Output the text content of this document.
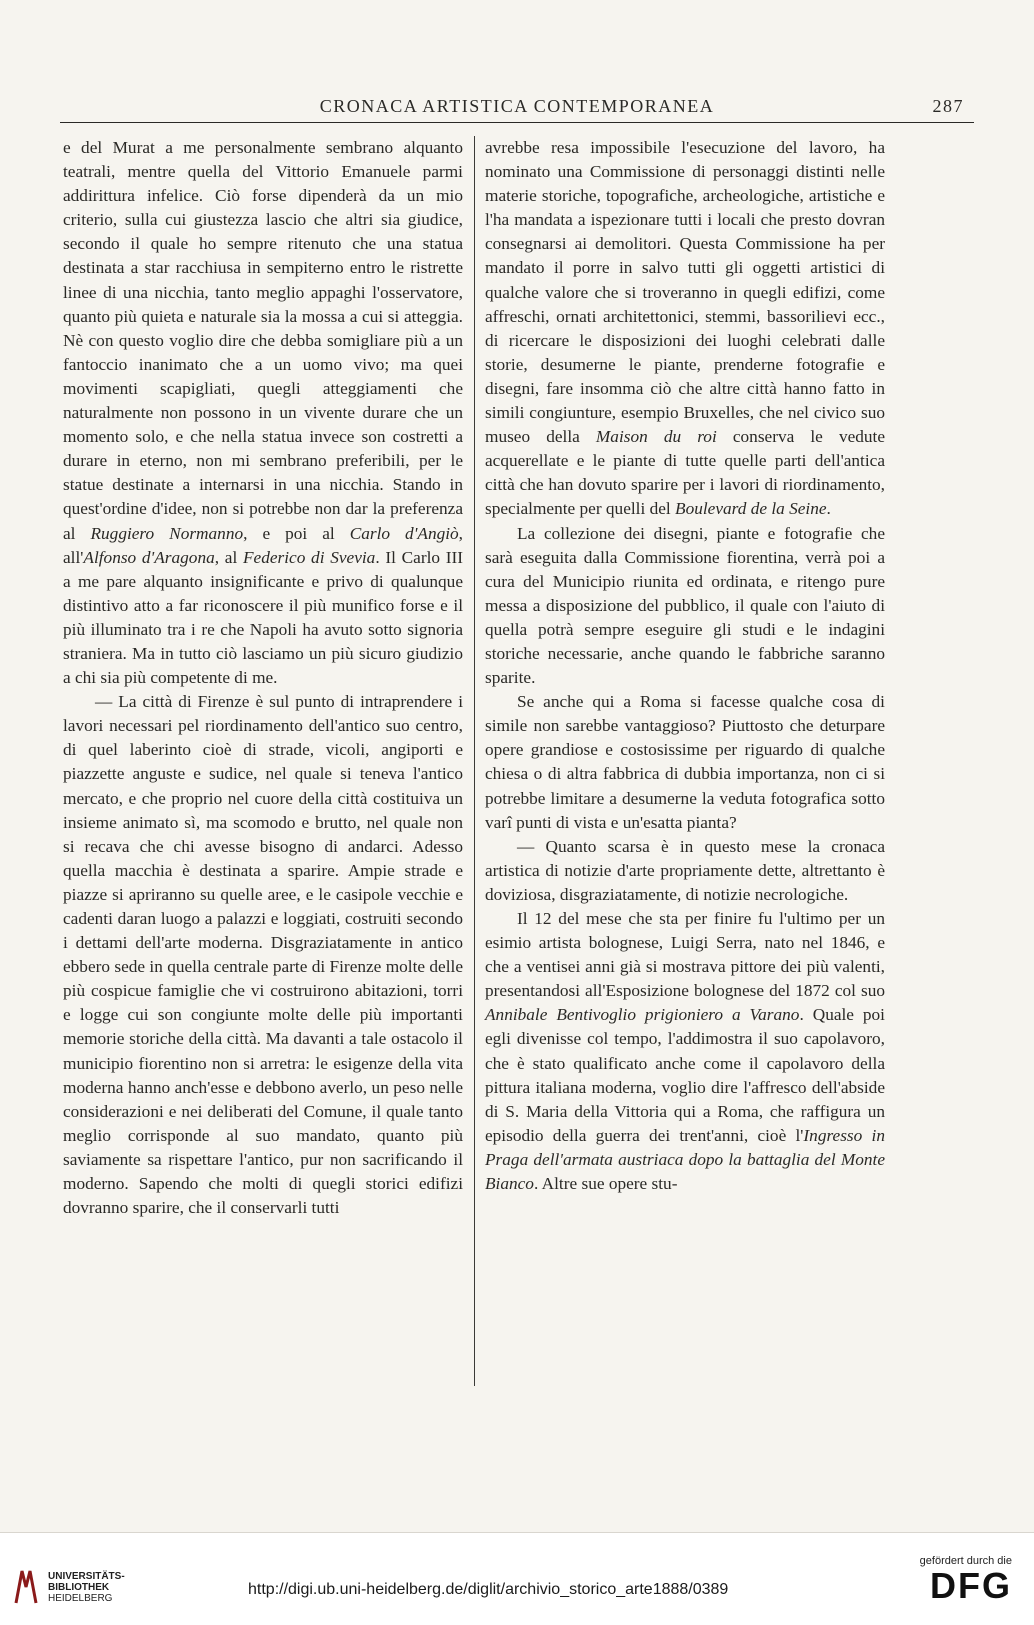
CRONACA ARTISTICA CONTEMPORANEA	287

e del Murat a me personalmente sembrano alquanto teatrali, mentre quella del Vittorio Emanuele parmi addirittura infelice. Ciò forse dipenderà da un mio criterio, sulla cui giustezza lascio che altri sia giudice, secondo il quale ho sempre ritenuto che una statua destinata a star racchiusa in sempiterno entro le ristrette linee di una nicchia, tanto meglio appaghi l'osservatore, quanto più quieta e naturale sia la mossa a cui si atteggia. Nè con questo voglio dire che debba somigliare più a un fantoccio inanimato che a un uomo vivo; ma quei movimenti scapigliati, quegli atteggiamenti che naturalmente non possono in un vivente durare che un momento solo, e che nella statua invece son costretti a durare in eterno, non mi sembrano preferibili, per le statue destinate a internarsi in una nicchia. Stando in quest'ordine d'idee, non si potrebbe non dar la preferenza al Ruggiero Normanno, e poi al Carlo d'Angiò, all'Alfonso d'Aragona, al Federico di Svevia. Il Carlo III a me pare alquanto insignificante e privo di qualunque distintivo atto a far riconoscere il più munifico forse e il più illuminato tra i re che Napoli ha avuto sotto signoria straniera. Ma in tutto ciò lasciamo un più sicuro giudizio a chi sia più competente di me.

— La città di Firenze è sul punto di intraprendere i lavori necessari pel riordinamento dell'antico suo centro, di quel laberinto cioè di strade, vicoli, angiporti e piazzette anguste e sudice, nel quale si teneva l'antico mercato, e che proprio nel cuore della città costituiva un insieme animato sì, ma scomodo e brutto, nel quale non si recava che chi avesse bisogno di andarci. Adesso quella macchia è destinata a sparire. Ampie strade e piazze si apriranno su quelle aree, e le casipole vecchie e cadenti daran luogo a palazzi e loggiati, costruiti secondo i dettami dell'arte moderna. Disgraziatamente in antico ebbero sede in quella centrale parte di Firenze molte delle più cospicue famiglie che vi costruirono abitazioni, torri e logge cui son congiunte molte delle più importanti memorie storiche della città. Ma davanti a tale ostacolo il municipio fiorentino non si arretra: le esigenze della vita moderna hanno anch'esse e debbono averlo, un peso nelle considerazioni e nei deliberati del Comune, il quale tanto meglio corrisponde al suo mandato, quanto più saviamente sa rispettare l'antico, pur non sacrificando il moderno. Sapendo che molti di quegli storici edifizi dovranno sparire, che il conservarli tutti

avrebbe resa impossibile l'esecuzione del lavoro, ha nominato una Commissione di personaggi distinti nelle materie storiche, topografiche, archeologiche, artistiche e l'ha mandata a ispezionare tutti i locali che presto dovran consegnarsi ai demolitori. Questa Commissione ha per mandato il porre in salvo tutti gli oggetti artistici di qualche valore che si troveranno in quegli edifizi, come affreschi, ornati architettonici, stemmi, bassorilievi ecc., di ricercare le disposizioni dei luoghi celebrati dalle storie, desumerne le piante, prenderne fotografie e disegni, fare insomma ciò che altre città hanno fatto in simili congiunture, esempio Bruxelles, che nel civico suo museo della Maison du roi conserva le vedute acquerellate e le piante di tutte quelle parti dell'antica città che han dovuto sparire per i lavori di riordinamento, specialmente per quelli del Boulevard de la Seine.

La collezione dei disegni, piante e fotografie che sarà eseguita dalla Commissione fiorentina, verrà poi a cura del Municipio riunita ed ordinata, e ritengo pure messa a disposizione del pubblico, il quale con l'aiuto di quella potrà sempre eseguire gli studi e le indagini storiche necessarie, anche quando le fabbriche saranno sparite.

Se anche qui a Roma si facesse qualche cosa di simile non sarebbe vantaggioso? Piuttosto che deturpare opere grandiose e costosissime per riguardo di qualche chiesa o di altra fabbrica di dubbia importanza, non ci si potrebbe limitare a desumerne la veduta fotografica sotto varî punti di vista e un'esatta pianta?

— Quanto scarsa è in questo mese la cronaca artistica di notizie d'arte propriamente dette, altrettanto è doviziosa, disgraziatamente, di notizie necrologiche.

Il 12 del mese che sta per finire fu l'ultimo per un esimio artista bolognese, Luigi Serra, nato nel 1846, e che a ventisei anni già si mostrava pittore dei più valenti, presentandosi all'Esposizione bolognese del 1872 col suo Annibale Bentivoglio prigioniero a Varano. Quale poi egli divenisse col tempo, l'addimostra il suo capolavoro, che è stato qualificato anche come il capolavoro della pittura italiana moderna, voglio dire l'affresco dell'abside di S. Maria della Vittoria qui a Roma, che raffigura un episodio della guerra dei trent'anni, cioè l'Ingresso in Praga dell'armata austriaca dopo la battaglia del Monte Bianco. Altre sue opere stu-

UNIVERSITÄTS-
BIBLIOTHEK
HEIDELBERG	http://digi.ub.uni-heidelberg.de/diglit/archivio_storico_arte1888/0389
gefördert durch die
DFG
